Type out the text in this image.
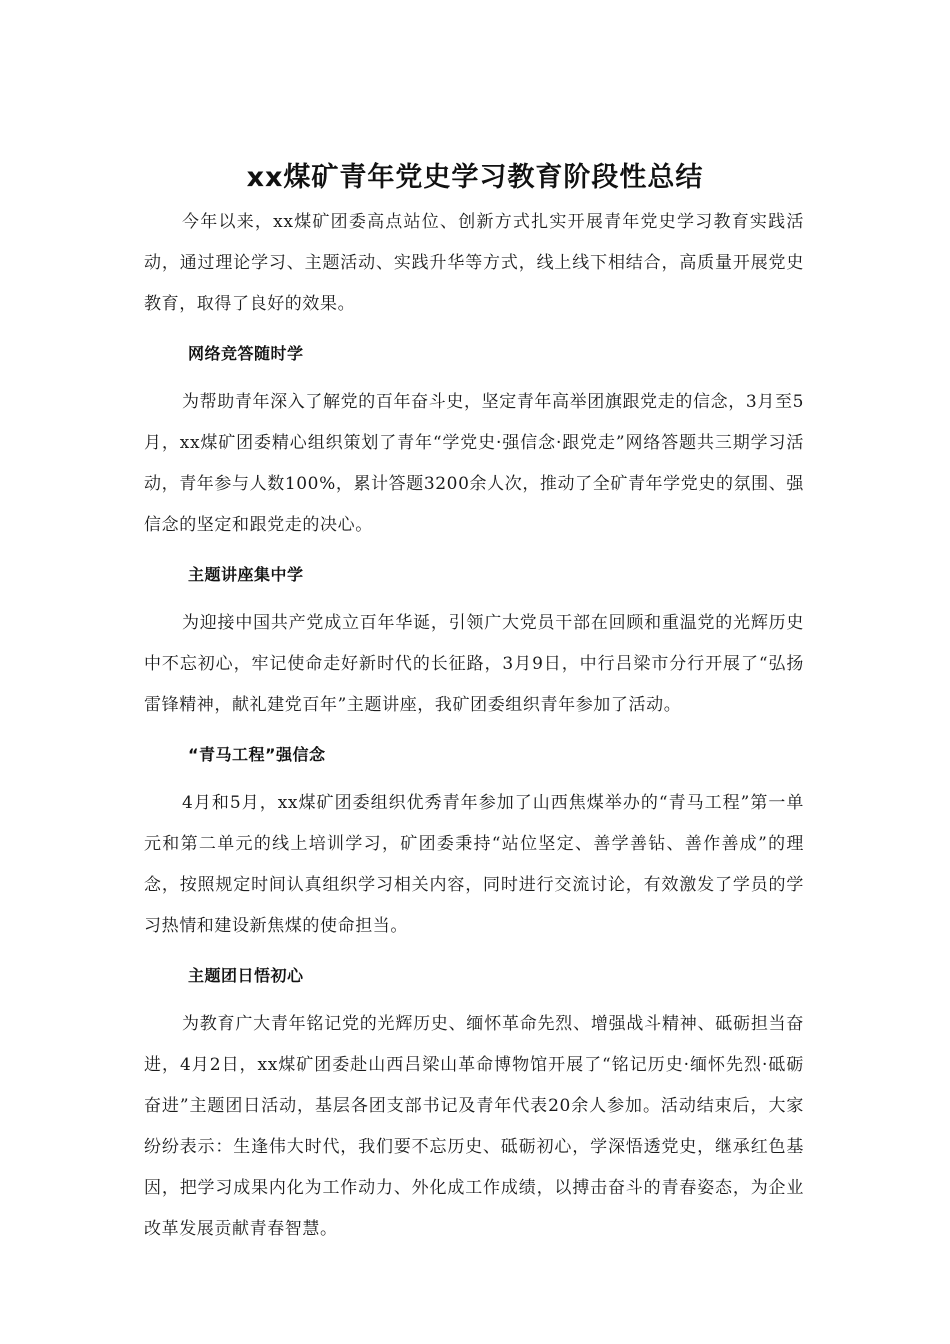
xx煤矿青年党史学习教育阶段性总结

今年以来，xx煤矿团委高点站位、创新方式扎实开展青年党史学习教育实践活动，通过理论学习、主题活动、实践升华等方式，线上线下相结合，高质量开展党史教育，取得了良好的效果。

网络竞答随时学

为帮助青年深入了解党的百年奋斗史，坚定青年高举团旗跟党走的信念，3月至5月，xx煤矿团委精心组织策划了青年“学党史·强信念·跟党走”网络答题共三期学习活动，青年参与人数100%，累计答题3200余人次，推动了全矿青年学党史的氛围、强信念的坚定和跟党走的决心。

主题讲座集中学

为迎接中国共产党成立百年华诞，引领广大党员干部在回顾和重温党的光辉历史中不忘初心，牢记使命走好新时代的长征路，3月9日，中行吕梁市分行开展了“弘扬雷锋精神，献礼建党百年”主题讲座，我矿团委组织青年参加了活动。

“青马工程”强信念

4月和5月，xx煤矿团委组织优秀青年参加了山西焦煤举办的“青马工程”第一单元和第二单元的线上培训学习，矿团委秉持“站位坚定、善学善钻、善作善成”的理念，按照规定时间认真组织学习相关内容，同时进行交流讨论，有效激发了学员的学习热情和建设新焦煤的使命担当。

主题团日悟初心

为教育广大青年铭记党的光辉历史、缅怀革命先烈、增强战斗精神、砥砺担当奋进，4月2日，xx煤矿团委赴山西吕梁山革命博物馆开展了“铭记历史·缅怀先烈·砥砺奋进”主题团日活动，基层各团支部书记及青年代表20余人参加。活动结束后，大家纷纷表示：生逢伟大时代，我们要不忘历史、砥砺初心，学深悟透党史，继承红色基因，把学习成果内化为工作动力、外化成工作成绩，以搏击奋斗的青春姿态，为企业改革发展贡献青春智慧。
